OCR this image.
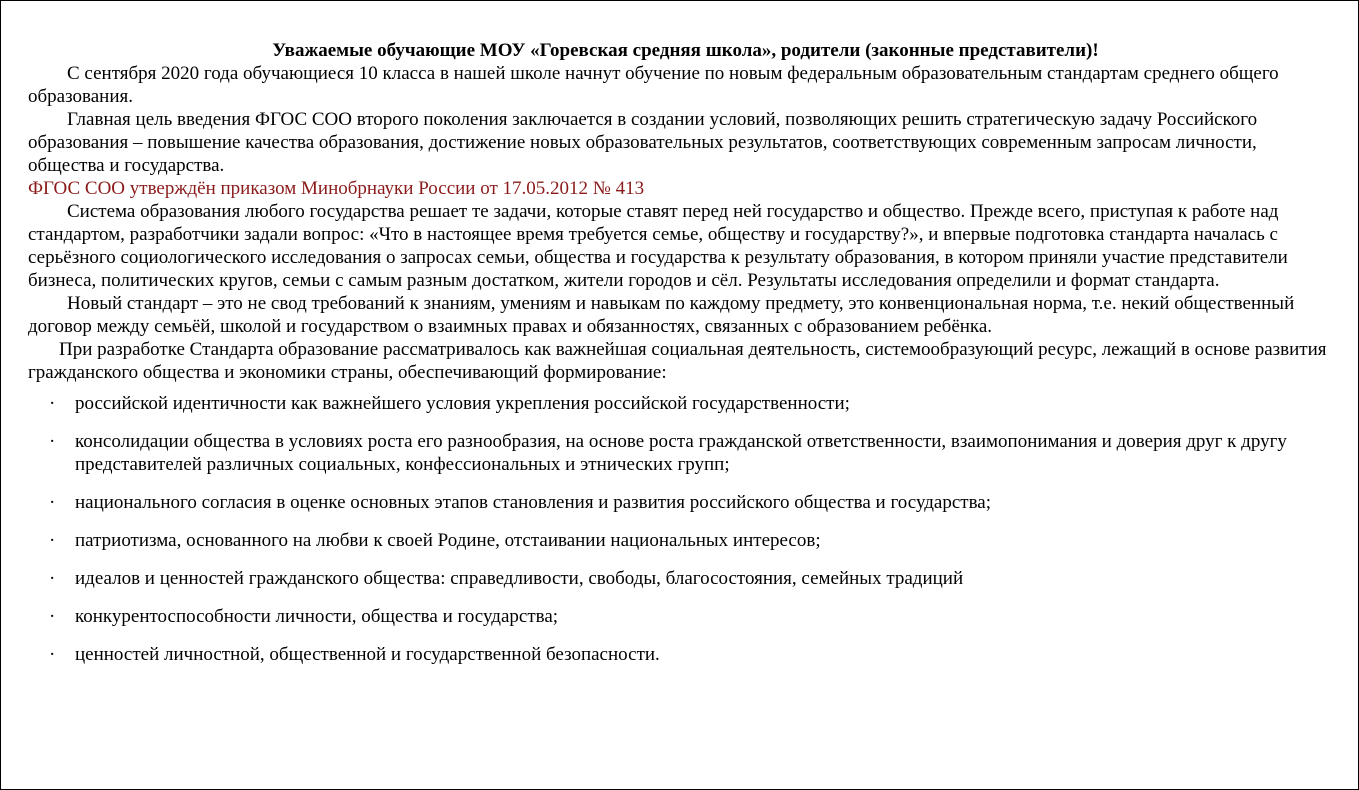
Уважаемые обучающие МОУ «Горевская средняя школа», родители (законные представители)!

С сентября 2020 года обучающиеся 10 класса в нашей школе начнут обучение по новым федеральным образовательным стандартам среднего общего образования.

Главная цель введения ФГОС СОО второго поколения заключается в создании условий, позволяющих решить стратегическую задачу Российского образования – повышение качества образования, достижение новых образовательных результатов, соответствующих современным запросам личности, общества и государства.

ФГОС СОО утверждён приказом Минобрнауки России от 17.05.2012 № 413

Система образования любого государства решает те задачи, которые ставят перед ней государство и общество. Прежде всего, приступая к работе над стандартом, разработчики задали вопрос: «Что в настоящее время требуется семье, обществу и государству?», и впервые подготовка стандарта началась с серьёзного социологического исследования о запросах семьи, общества и государства к результату образования, в котором приняли участие представители бизнеса, политических кругов, семьи с самым разным достатком, жители городов и сёл. Результаты исследования определили и формат стандарта.

Новый стандарт – это не свод требований к знаниям, умениям и навыкам по каждому предмету, это конвенциональная норма, т.е. некий общественный договор между семьёй, школой и государством о взаимных правах и обязанностях, связанных с образованием ребёнка.

При разработке Стандарта образование рассматривалось как важнейшая социальная деятельность, системообразующий ресурс, лежащий в основе развития гражданского общества и экономики страны, обеспечивающий формирование:

· российской идентичности как важнейшего условия укрепления российской государственности;
· консолидации общества в условиях роста его разнообразия, на основе роста гражданской ответственности, взаимопонимания и доверия друг к другу представителей различных социальных, конфессиональных и этнических групп;
· национального согласия в оценке основных этапов становления и развития российского общества и государства;
· патриотизма, основанного на любви к своей Родине, отстаивании национальных интересов;
· идеалов и ценностей гражданского общества: справедливости, свободы, благосостояния, семейных традиций
· конкурентоспособности личности, общества и государства;
· ценностей личностной, общественной и государственной безопасности.
